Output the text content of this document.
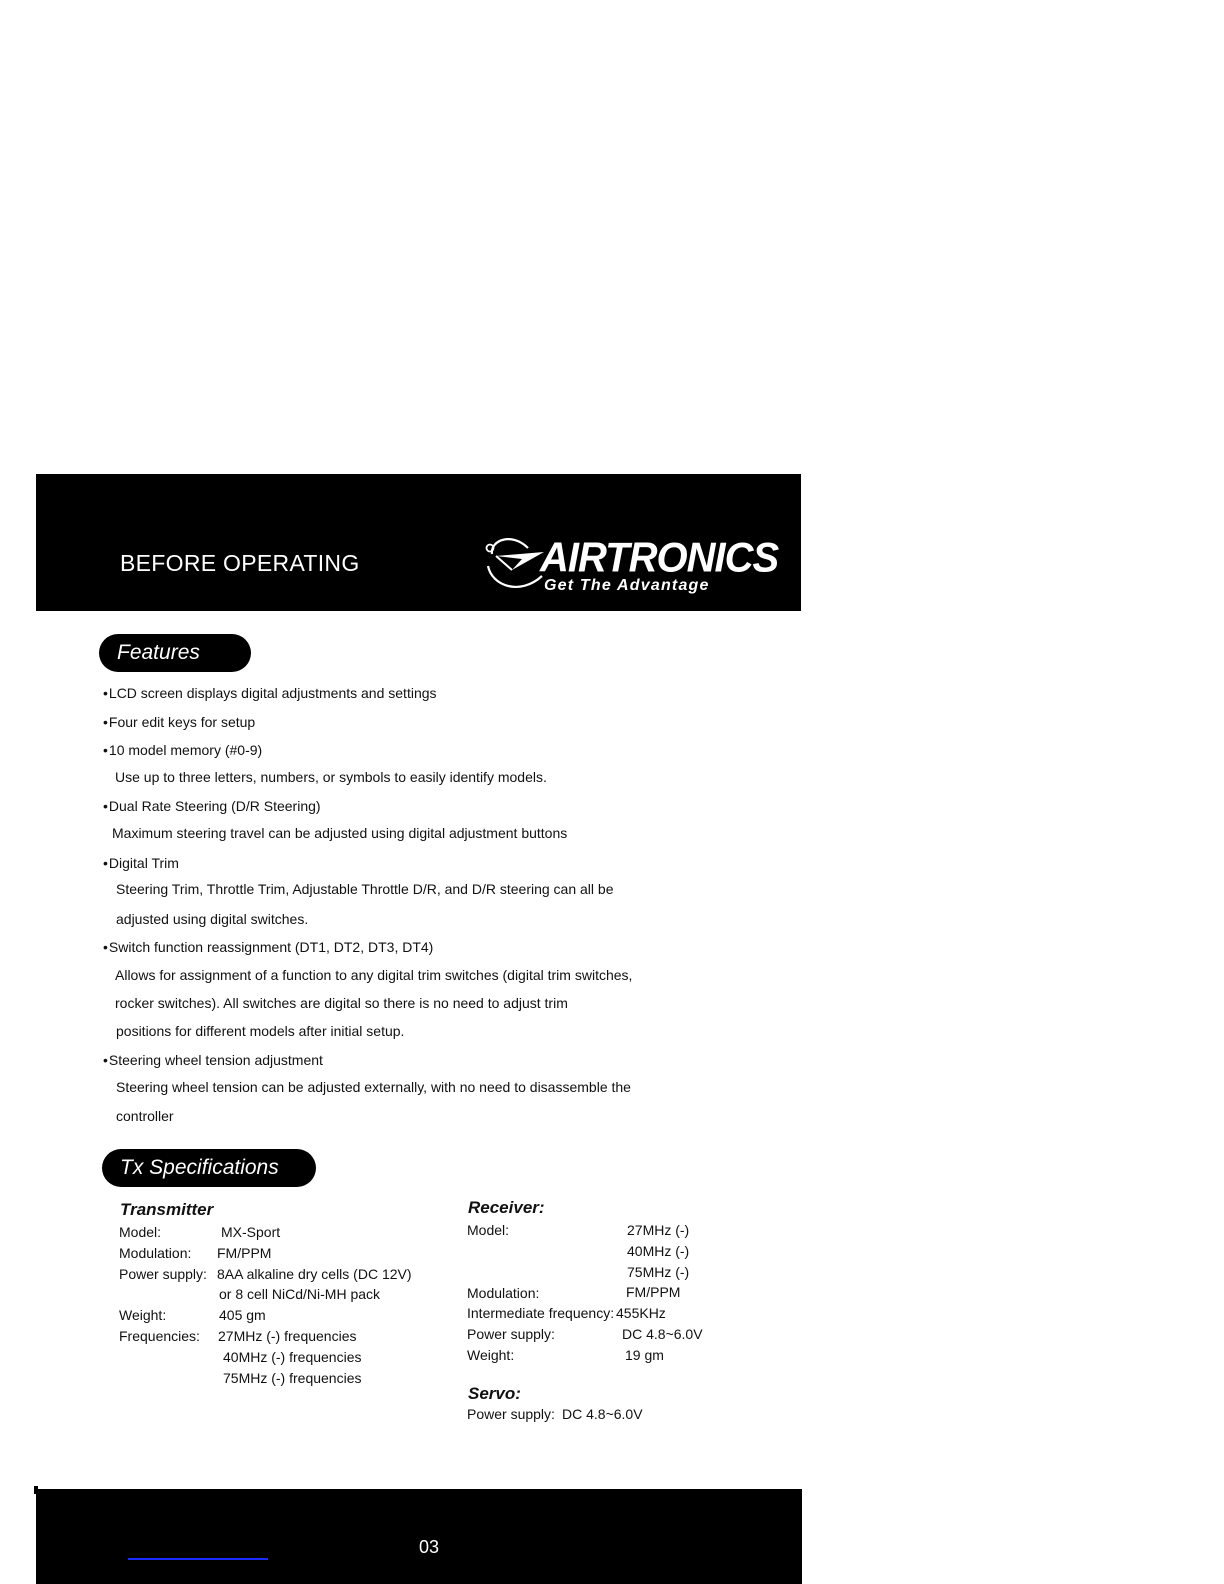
BEFORE OPERATING	AIRTRONICS
Get The Advantage
Features
• LCD screen displays digital adjustments and settings
• Four edit keys for setup
• 10 model memory (#0-9)
Use up to three letters, numbers, or symbols to easily identify models.
• Dual Rate Steering (D/R Steering)
Maximum steering travel can be adjusted using digital adjustment buttons
• Digital Trim
Steering Trim, Throttle Trim, Adjustable Throttle D/R, and D/R steering can all be
adjusted using digital switches.
• Switch function reassignment (DT1, DT2, DT3, DT4)
Allows for assignment of a function to any digital trim switches (digital trim switches,
rocker switches). All switches are digital so there is no need to adjust trim
positions for different models after initial setup.
• Steering wheel tension adjustment
Steering wheel tension can be adjusted externally, with no need to disassemble the
controller
Tx Specifications
Transmitter
Model:	MX-Sport
Modulation: FM/PPM
Power supply: 8AA alkaline dry cells (DC 12V)
or 8 cell NiCd/Ni-MH pack
Weight:	405 gm
Frequencies: 27MHz (-) frequencies
40MHz (-) frequencies
75MHz (-) frequencies
Receiver:
Model:	27MHz (-)
40MHz (-)
75MHz (-)
Modulation:	FM/PPM
Intermediate frequency: 455KHz
Power supply:	DC 4.8~6.0V
Weight:	19 gm
Servo:
Power supply: DC 4.8~6.0V
03
